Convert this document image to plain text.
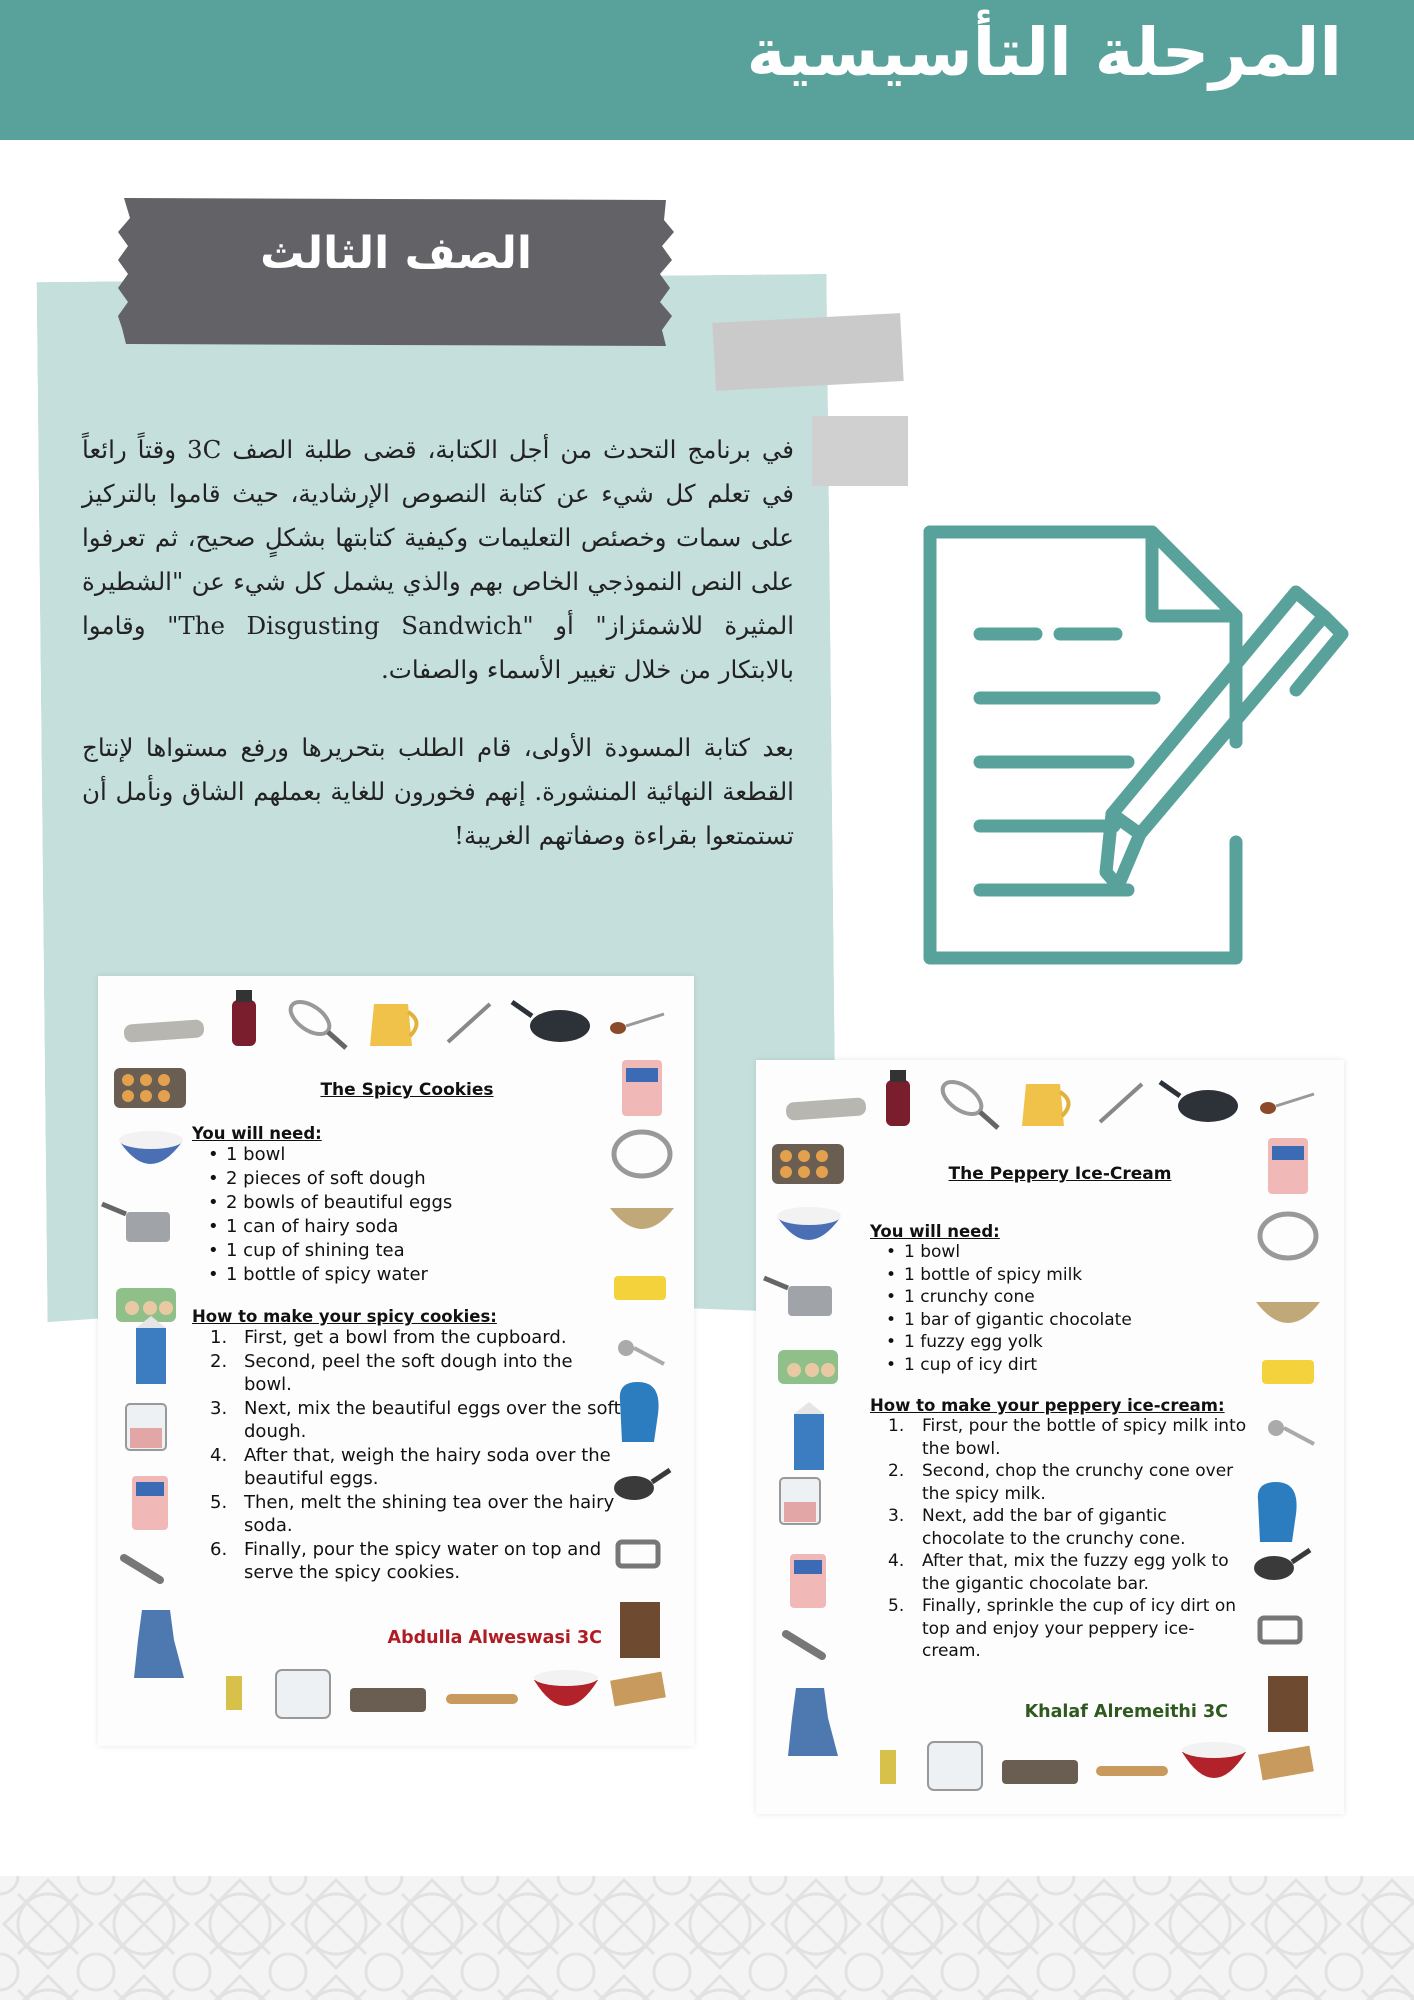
المرحلة التأسيسية
الصف الثالث

في برنامج التحدث من أجل الكتابة، قضى طلبة الصف 3C وقتاً رائعاً في تعلم كل شيء عن كتابة النصوص الإرشادية، حيث قاموا بالتركيز على سمات وخصئص التعليمات وكيفية كتابتها بشكلٍ صحيح، ثم تعرفوا على النص النموذجي الخاص بهم والذي يشمل كل شيء عن "الشطيرة المثيرة للاشمئزاز" أو "The Disgusting Sandwich" وقاموا بالابتكار من خلال تغيير الأسماء والصفات.

بعد كتابة المسودة الأولى، قام الطلب بتحريرها ورفع مستواها لإنتاج القطعة النهائية المنشورة. إنهم فخورون للغاية بعملهم الشاق ونأمل أن تستمتعوا بقراءة وصفاتهم الغريبة!

The Spicy Cookies
You will need:
• 1 bowl
• 2 pieces of soft dough
• 2 bowls of beautiful eggs
• 1 can of hairy soda
• 1 cup of shining tea
• 1 bottle of spicy water
How to make your spicy cookies:
1. First, get a bowl from the cupboard.
2. Second, peel the soft dough into the bowl.
3. Next, mix the beautiful eggs over the soft dough.
4. After that, weigh the hairy soda over the beautiful eggs.
5. Then, melt the shining tea over the hairy soda.
6. Finally, pour the spicy water on top and serve the spicy cookies.
Abdulla Alweswasi 3C
The Peppery Ice-Cream
You will need:
• 1 bowl
• 1 bottle of spicy milk
• 1 crunchy cone
• 1 bar of gigantic chocolate
• 1 fuzzy egg yolk
• 1 cup of icy dirt
How to make your peppery ice-cream:
1. First, pour the bottle of spicy milk into the bowl.
2. Second, chop the crunchy cone over the spicy milk.
3. Next, add the bar of gigantic chocolate to the crunchy cone.
4. After that, mix the fuzzy egg yolk to the gigantic chocolate bar.
5. Finally, sprinkle the cup of icy dirt on top and enjoy your peppery ice-cream.
Khalaf Alremeithi 3C
